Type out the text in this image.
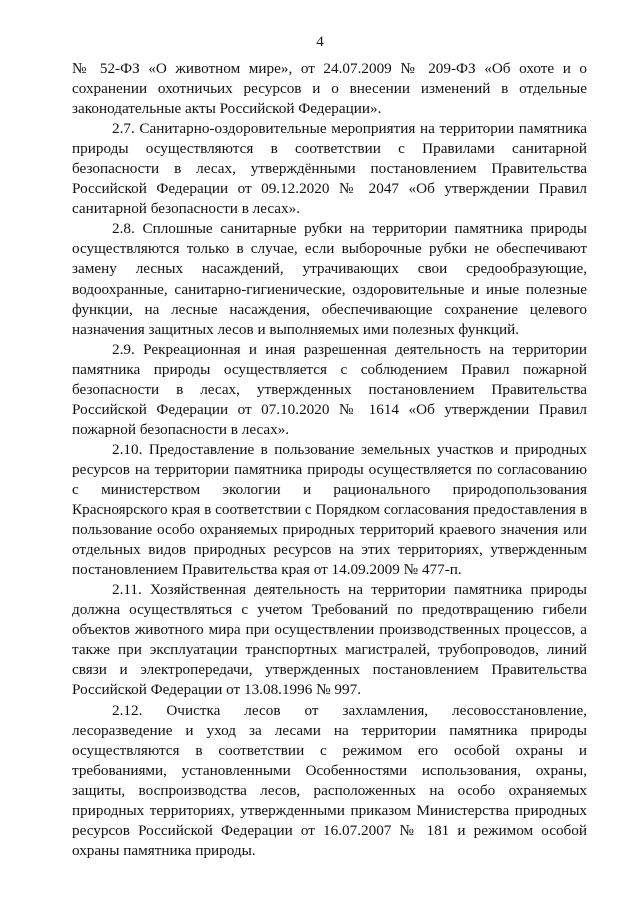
4

№ 52-ФЗ «О животном мире», от 24.07.2009 № 209-ФЗ «Об охоте и о сохранении охотничьих ресурсов и о внесении изменений в отдельные законодательные акты Российской Федерации».

2.7. Санитарно-оздоровительные мероприятия на территории памятника природы осуществляются в соответствии с Правилами санитарной безопасности в лесах, утверждёнными постановлением Правительства Российской Федерации от 09.12.2020 № 2047 «Об утверждении Правил санитарной безопасности в лесах».

2.8. Сплошные санитарные рубки на территории памятника природы осуществляются только в случае, если выборочные рубки не обеспечивают замену лесных насаждений, утрачивающих свои средообразующие, водоохранные, санитарно-гигиенические, оздоровительные и иные полезные функции, на лесные насаждения, обеспечивающие сохранение целевого назначения защитных лесов и выполняемых ими полезных функций.

2.9. Рекреационная и иная разрешенная деятельность на территории памятника природы осуществляется с соблюдением Правил пожарной безопасности в лесах, утвержденных постановлением Правительства Российской Федерации от 07.10.2020 № 1614 «Об утверждении Правил пожарной безопасности в лесах».

2.10. Предоставление в пользование земельных участков и природных ресурсов на территории памятника природы осуществляется по согласованию с министерством экологии и рационального природопользования Красноярского края в соответствии с Порядком согласования предоставления в пользование особо охраняемых природных территорий краевого значения или отдельных видов природных ресурсов на этих территориях, утвержденным постановлением Правительства края от 14.09.2009 № 477-п.

2.11. Хозяйственная деятельность на территории памятника природы должна осуществляться с учетом Требований по предотвращению гибели объектов животного мира при осуществлении производственных процессов, а также при эксплуатации транспортных магистралей, трубопроводов, линий связи и электропередачи, утвержденных постановлением Правительства Российской Федерации от 13.08.1996 № 997.

2.12. Очистка лесов от захламления, лесовосстановление, лесоразведение и уход за лесами на территории памятника природы осуществляются в соответствии с режимом его особой охраны и требованиями, установленными Особенностями использования, охраны, защиты, воспроизводства лесов, расположенных на особо охраняемых природных территориях, утвержденными приказом Министерства природных ресурсов Российской Федерации от 16.07.2007 № 181 и режимом особой охраны памятника природы.
